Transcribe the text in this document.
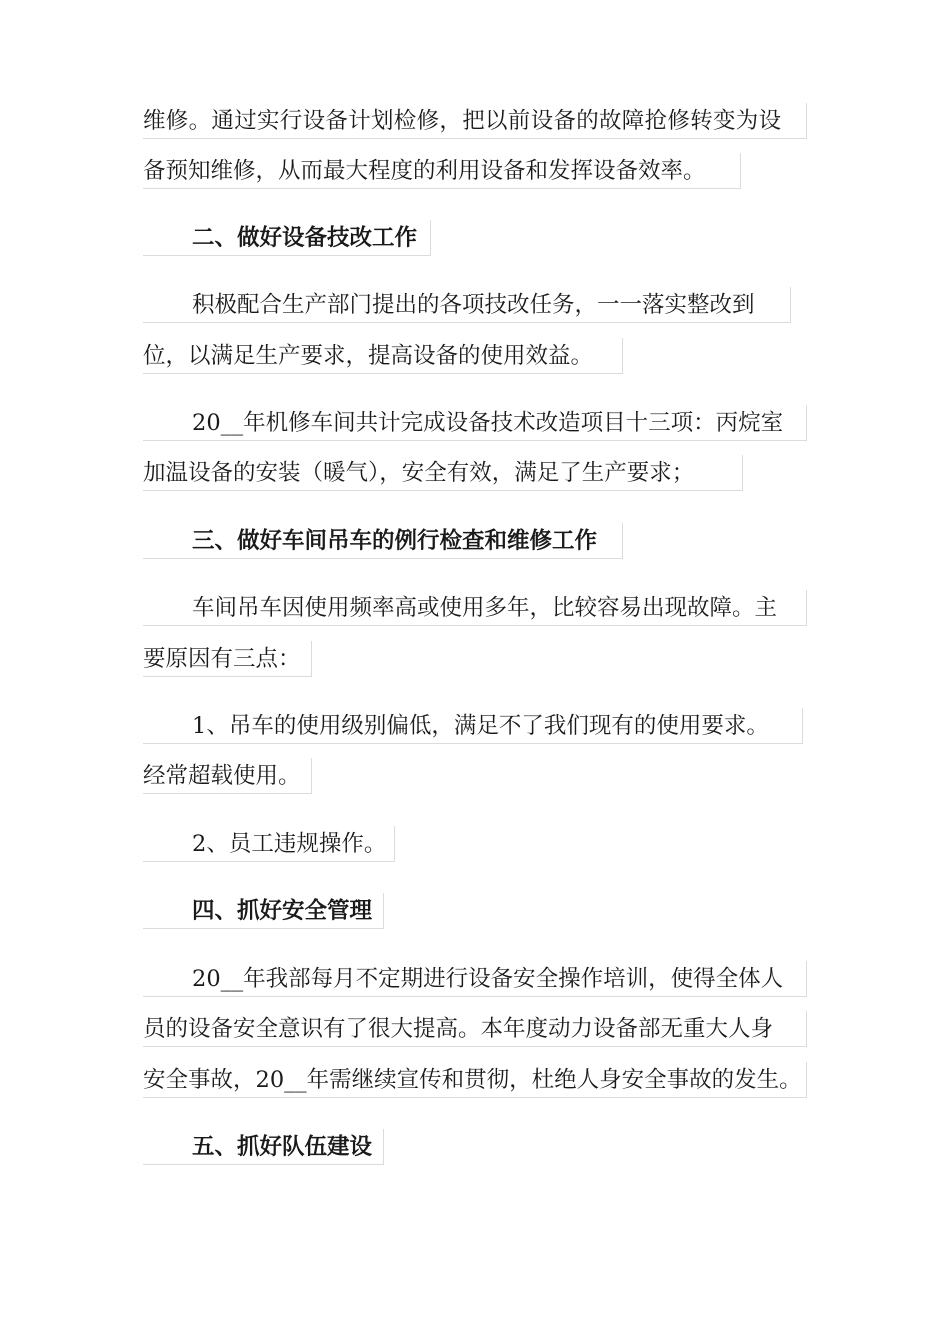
维修。通过实行设备计划检修，把以前设备的故障抢修转变为设
备预知维修，从而最大程度的利用设备和发挥设备效率。
二、做好设备技改工作
积极配合生产部门提出的各项技改任务，一一落实整改到
位，以满足生产要求，提高设备的使用效益。
20__年机修车间共计完成设备技术改造项目十三项：丙烷室
加温设备的安装（暖气），安全有效，满足了生产要求；
三、做好车间吊车的例行检查和维修工作
车间吊车因使用频率高或使用多年，比较容易出现故障。主
要原因有三点：
1、吊车的使用级别偏低，满足不了我们现有的使用要求。
经常超载使用。
2、员工违规操作。
四、抓好安全管理
20__年我部每月不定期进行设备安全操作培训，使得全体人
员的设备安全意识有了很大提高。本年度动力设备部无重大人身
安全事故，20__年需继续宣传和贯彻，杜绝人身安全事故的发生。
五、抓好队伍建设
